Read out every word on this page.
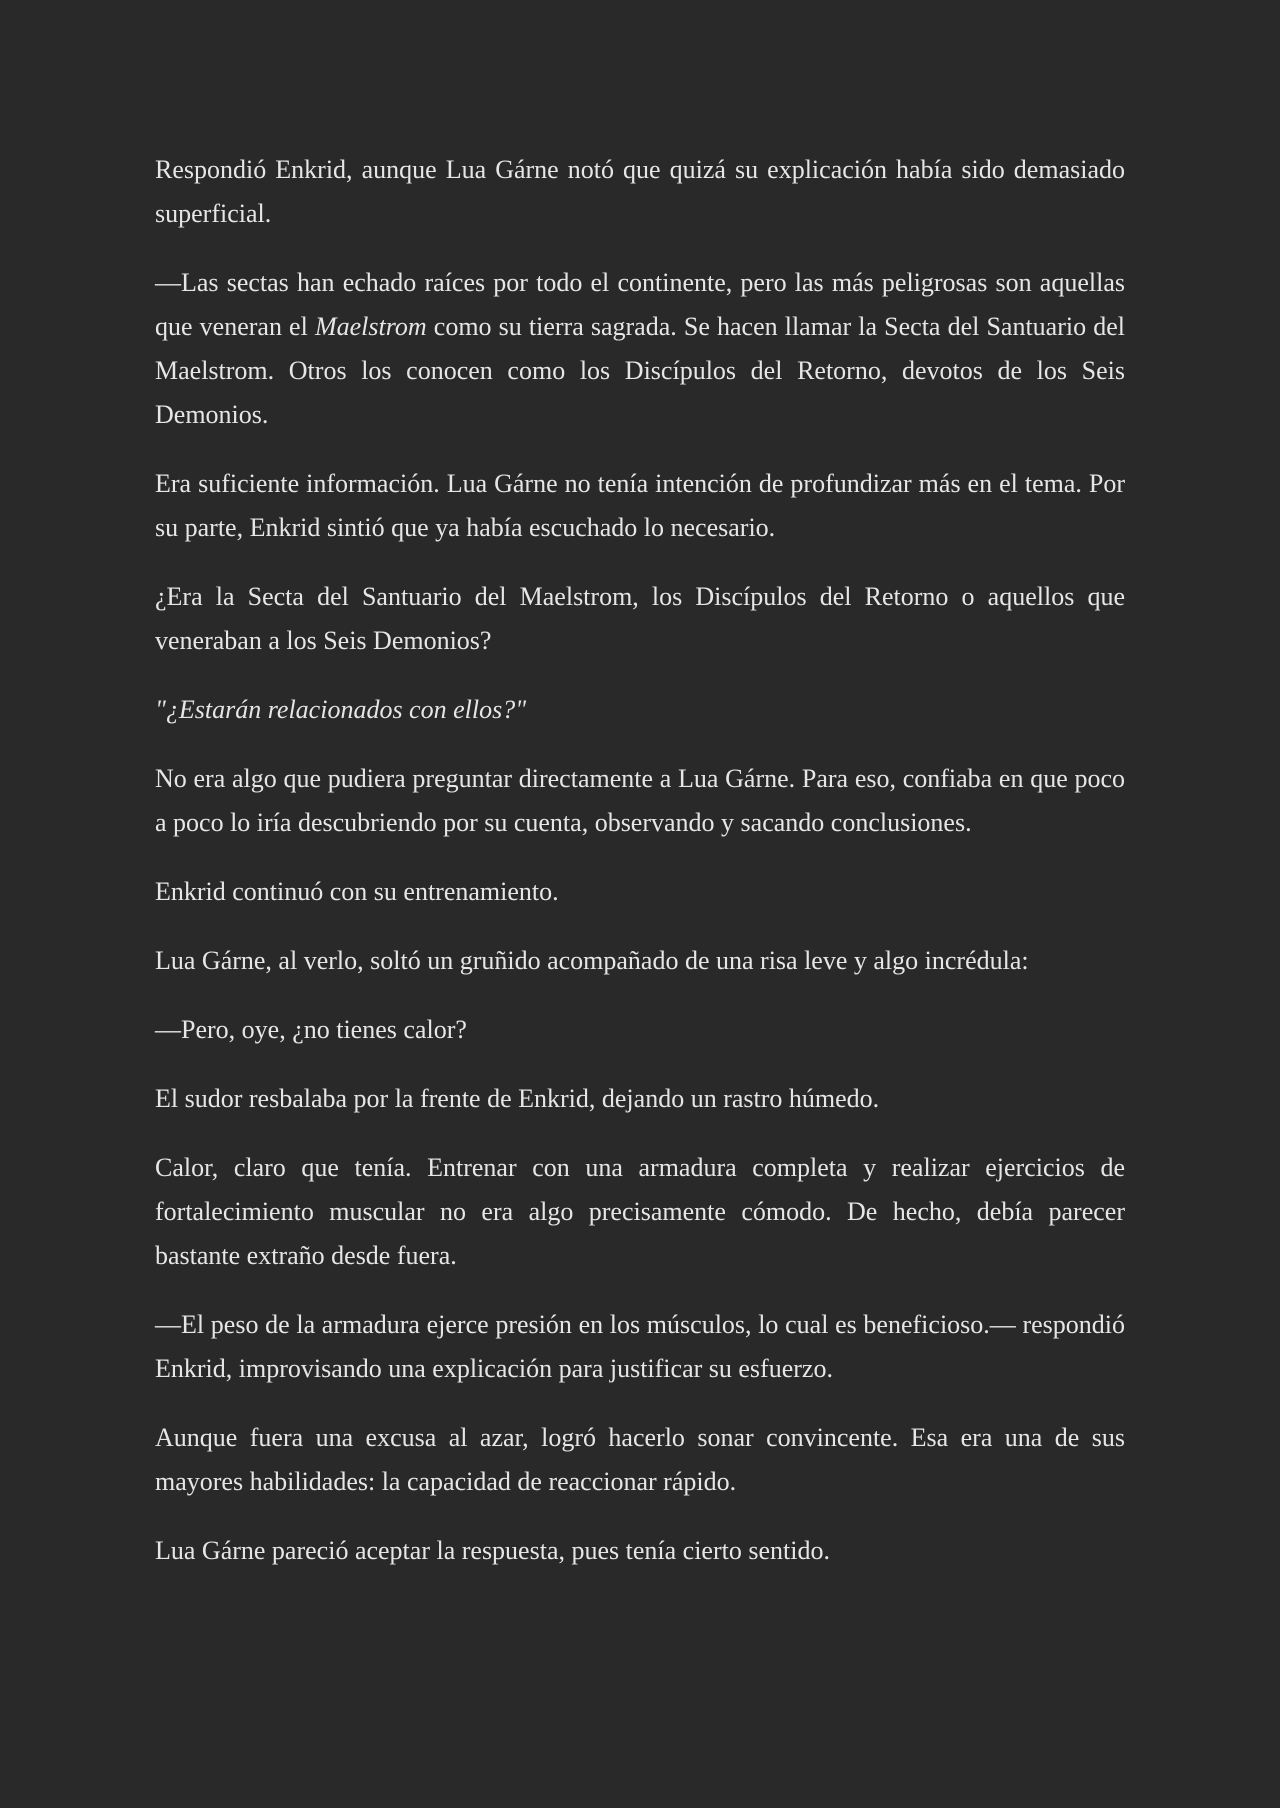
Respondió Enkrid, aunque Lua Gárne notó que quizá su explicación había sido demasiado superficial.

—Las sectas han echado raíces por todo el continente, pero las más peligrosas son aquellas que veneran el Maelstrom como su tierra sagrada. Se hacen llamar la Secta del Santuario del Maelstrom. Otros los conocen como los Discípulos del Retorno, devotos de los Seis Demonios.

Era suficiente información. Lua Gárne no tenía intención de profundizar más en el tema. Por su parte, Enkrid sintió que ya había escuchado lo necesario.

¿Era la Secta del Santuario del Maelstrom, los Discípulos del Retorno o aquellos que veneraban a los Seis Demonios?

"¿Estarán relacionados con ellos?"

No era algo que pudiera preguntar directamente a Lua Gárne. Para eso, confiaba en que poco a poco lo iría descubriendo por su cuenta, observando y sacando conclusiones.

Enkrid continuó con su entrenamiento.

Lua Gárne, al verlo, soltó un gruñido acompañado de una risa leve y algo incrédula:

—Pero, oye, ¿no tienes calor?

El sudor resbalaba por la frente de Enkrid, dejando un rastro húmedo.

Calor, claro que tenía. Entrenar con una armadura completa y realizar ejercicios de fortalecimiento muscular no era algo precisamente cómodo. De hecho, debía parecer bastante extraño desde fuera.

—El peso de la armadura ejerce presión en los músculos, lo cual es beneficioso.— respondió Enkrid, improvisando una explicación para justificar su esfuerzo.

Aunque fuera una excusa al azar, logró hacerlo sonar convincente. Esa era una de sus mayores habilidades: la capacidad de reaccionar rápido.

Lua Gárne pareció aceptar la respuesta, pues tenía cierto sentido.
